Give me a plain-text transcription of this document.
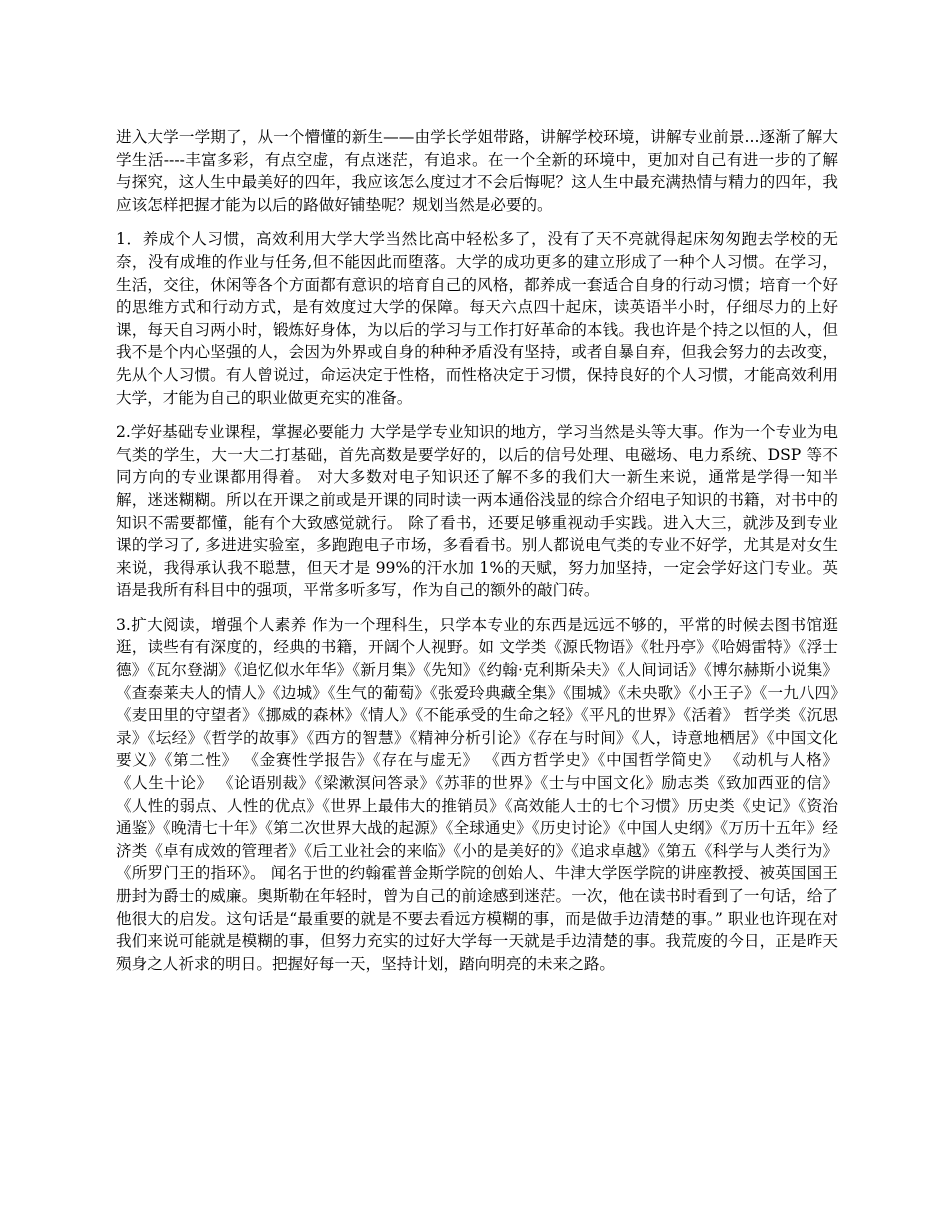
进入大学一学期了，从一个懵懂的新生——由学长学姐带路，讲解学校环境，讲解专业前景...逐渐了解大学生活----丰富多彩，有点空虚，有点迷茫，有追求。在一个全新的环境中，更加对自己有进一步的了解与探究，这人生中最美好的四年，我应该怎么度过才不会后悔呢？这人生中最充满热情与精力的四年，我应该怎样把握才能为以后的路做好铺垫呢？规划当然是必要的。

1．养成个人习惯，高效利用大学大学当然比高中轻松多了，没有了天不亮就得起床匆匆跑去学校的无奈，没有成堆的作业与任务,但不能因此而堕落。大学的成功更多的建立形成了一种个人习惯。在学习，生活，交往，休闲等各个方面都有意识的培育自己的风格，都养成一套适合自身的行动习惯；培育一个好的思维方式和行动方式，是有效度过大学的保障。每天六点四十起床，读英语半小时，仔细尽力的上好课，每天自习两小时，锻炼好身体，为以后的学习与工作打好革命的本钱。我也许是个持之以恒的人，但我不是个内心坚强的人，会因为外界或自身的种种矛盾没有坚持，或者自暴自弃，但我会努力的去改变，先从个人习惯。有人曾说过，命运决定于性格，而性格决定于习惯，保持良好的个人习惯，才能高效利用大学，才能为自己的职业做更充实的准备。

2.学好基础专业课程，掌握必要能力 大学是学专业知识的地方，学习当然是头等大事。作为一个专业为电气类的学生，大一大二打基础，首先高数是要学好的，以后的信号处理、电磁场、电力系统、DSP 等不同方向的专业课都用得着。 对大多数对电子知识还了解不多的我们大一新生来说，通常是学得一知半解，迷迷糊糊。所以在开课之前或是开课的同时读一两本通俗浅显的综合介绍电子知识的书籍，对书中的知识不需要都懂，能有个大致感觉就行。 除了看书，还要足够重视动手实践。进入大三，就涉及到专业课的学习了, 多进进实验室，多跑跑电子市场，多看看书。别人都说电气类的专业不好学，尤其是对女生来说，我得承认我不聪慧，但天才是 99%的汗水加 1%的天赋，努力加坚持，一定会学好这门专业。英语是我所有科目中的强项，平常多听多写，作为自己的额外的敲门砖。

3.扩大阅读，增强个人素养 作为一个理科生，只学本专业的东西是远远不够的，平常的时候去图书馆逛逛，读些有有深度的，经典的书籍，开阔个人视野。如 文学类《源氏物语》《牡丹亭》《哈姆雷特》《浮士德》《瓦尔登湖》《追忆似水年华》《新月集》《先知》《约翰·克利斯朵夫》《人间词话》《博尔赫斯小说集》《查泰莱夫人的情人》《边城》《生气的葡萄》《张爱玲典藏全集》《围城》《未央歌》《小王子》《一九八四》《麦田里的守望者》《挪威的森林》《情人》《不能承受的生命之轻》《平凡的世界》《活着》 哲学类《沉思录》《坛经》《哲学的故事》《西方的智慧》《精神分析引论》《存在与时间》《人，诗意地栖居》《中国文化要义》《第二性》 《金赛性学报告》《存在与虚无》 《西方哲学史》《中国哲学简史》 《动机与人格》 《人生十论》 《论语别裁》《梁漱溟问答录》《苏菲的世界》《士与中国文化》励志类《致加西亚的信》《人性的弱点、人性的优点》《世界上最伟大的推销员》《高效能人士的七个习惯》历史类《史记》《资治通鉴》《晚清七十年》《第二次世界大战的起源》《全球通史》《历史讨论》《中国人史纲》《万历十五年》经济类《卓有成效的管理者》《后工业社会的来临》《小的是美好的》《追求卓越》《第五《科学与人类行为》《所罗门王的指环》。 闻名于世的约翰霍普金斯学院的创始人、牛津大学医学院的讲座教授、被英国国王册封为爵士的威廉。奥斯勒在年轻时，曾为自己的前途感到迷茫。一次，他在读书时看到了一句话，给了他很大的启发。这句话是“最重要的就是不要去看远方模糊的事，而是做手边清楚的事。” 职业也许现在对我们来说可能就是模糊的事，但努力充实的过好大学每一天就是手边清楚的事。我荒废的今日，正是昨天殒身之人祈求的明日。把握好每一天，坚持计划，踏向明亮的未来之路。
